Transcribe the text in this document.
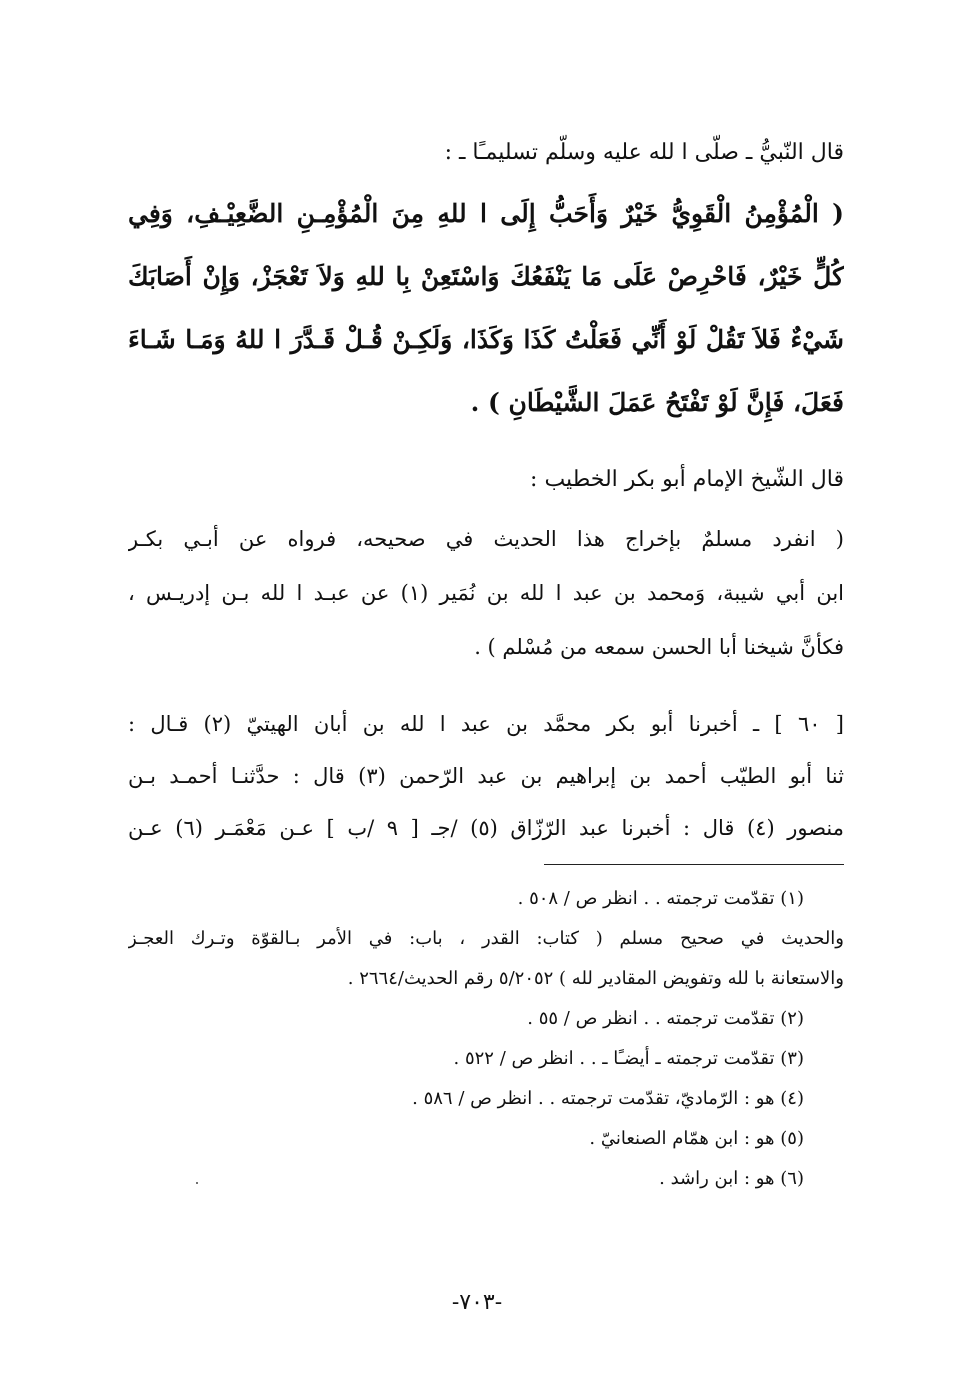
قال النّبيُّ ـ صلّى ا لله عليه وسلّم تسليمـًا ـ :
( الْمُؤْمِنُ الْقَوِيُّ خَيْرٌ وَأَحَبُّ إِلَى ا للهِ مِنَ الْمُؤْمِـنِ الضَّعِيْـفِ، وَفِي
كُلٍّ خَيْرٌ، فَاحْرِصْ عَلَى مَا يَنْفَعُكَ وَاسْتَعِنْ بِا للهِ وَلاَ تَعْجَزْ، وَإِنْ أَصَابَكَ
شَيْءٌ فَلاَ تَقُلْ لَوْ أَنِّي فَعَلْتُ كَذَا وَكَذَا، وَلَكِـنْ قُـلْ قَـدَّرَ ا للهُ وَمَـا شَـاءَ
فَعَلَ، فَإِنَّ لَوْ تَفْتَحُ عَمَلَ الشَّيْطَانِ ) .
قال الشّيخ الإمام أبو بكر الخطيب :
( انفرد مسلمٌ بإخراج هذا الحديث في صحيحه، فرواه عن أبـي بكـر
ابن أبي شيبة، وَمحمد بن عبد ا لله بن نُمَير (١) عن عبـد ا لله بـن إدريـس ،
فكأنَّ شيخنا أبا الحسن سمعه من مُسْلم ) .
[ ٦٠ ] ـ أخبرنا أبو بكر محمَّد بن عبد ا لله بن أبان الهيتيّ (٢) قـال :
ثنا أبو الطيّب أحمد بن إبراهيم بن عبد الرّحمن (٣) قال : حدَّثنـا أحمـد بـن
منصور (٤) قال : أخبرنا عبد الرّزّاق (٥) /جـ [ ٩ /ب ] عـن مَعْمَـر (٦) عـن
(١) تقدّمت ترجمته . . انظر ص / ٥٠٨ .
والحديث في صحيح مسلم ( كتاب: القدر ، باب: في الأمر بـالقوّة وتـرك العجـز
والاستعانة با لله وتفويض المقادير لله ) ٥/٢٠٥٢ رقم الحديث/٢٦٦٤ .
(٢) تقدّمت ترجمته . . انظر ص / ٥٥ .
(٣) تقدّمت ترجمته ـ أيضـًا ـ . . انظر ص / ٥٢٢ .
(٤) هو : الرّماديّ، تقدّمت ترجمته . . انظر ص / ٥٨٦ .
(٥) هو : ابن همّام الصنعانيّ .
(٦) هو : ابن راشد .
-٧٠٣-
